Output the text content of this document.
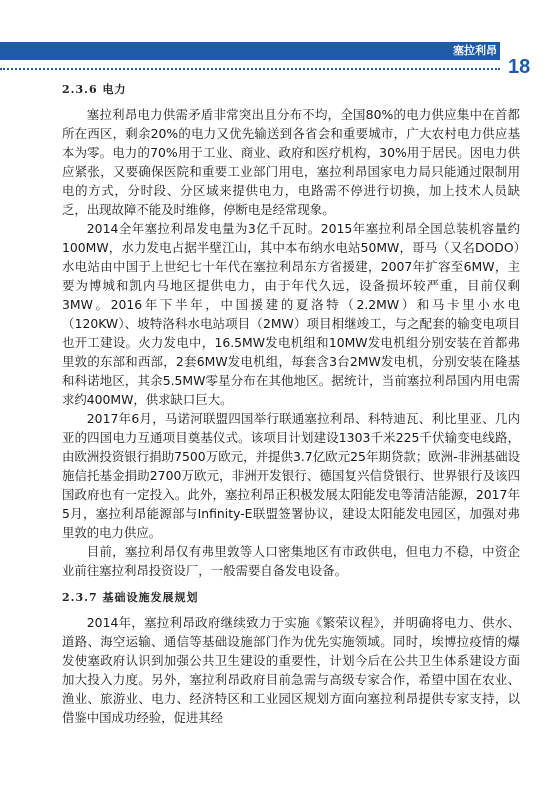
塞拉利昂
18
2.3.6 电力

塞拉利昂电力供需矛盾非常突出且分布不均，全国80%的电力供应集中在首都所在西区，剩余20%的电力又优先输送到各省会和重要城市，广大农村电力供应基本为零。电力的70%用于工业、商业、政府和医疗机构，30%用于居民。因电力供应紧张，又要确保医院和重要工业部门用电，塞拉利昂国家电力局只能通过限制用电的方式，分时段、分区域来提供电力，电路需不停进行切换，加上技术人员缺乏，出现故障不能及时维修，停断电是经常现象。

2014全年塞拉利昂发电量为3亿千瓦时。2015年塞拉利昂全国总装机容量约100MW，水力发电占据半壁江山，其中本布纳水电站50MW，哥马（又名DODO）水电站由中国于上世纪七十年代在塞拉利昂东方省援建，2007年扩容至6MW，主要为博城和凯内马地区提供电力，由于年代久远，设备损坏较严重，目前仅剩3MW。2016年下半年，中国援建的夏洛特（2.2MW）和马卡里小水电（120KW）、坡特洛科水电站项目（2MW）项目相继竣工，与之配套的输变电项目也开工建设。火力发电中，16.5MW发电机组和10MW发电机组分别安装在首都弗里敦的东部和西部，2套6MW发电机组，每套含3台2MW发电机，分别安装在隆基和科诺地区，其余5.5MW零星分布在其他地区。据统计，当前塞拉利昂国内用电需求约400MW，供求缺口巨大。

2017年6月，马诺河联盟四国举行联通塞拉利昂、科特迪瓦、利比里亚、几内亚的四国电力互通项目奠基仪式。该项目计划建设1303千米225千伏输变电线路，由欧洲投资银行捐助7500万欧元，并提供3.7亿欧元25年期贷款；欧洲-非洲基础设施信托基金捐助2700万欧元，非洲开发银行、德国复兴信贷银行、世界银行及该四国政府也有一定投入。此外，塞拉利昂正积极发展太阳能发电等清洁能源，2017年5月，塞拉利昂能源部与Infinity-E联盟签署协议，建设太阳能发电园区，加强对弗里敦的电力供应。

目前，塞拉利昂仅有弗里敦等人口密集地区有市政供电，但电力不稳，中资企业前往塞拉利昂投资设厂，一般需要自备发电设备。

2.3.7 基础设施发展规划

2014年，塞拉利昂政府继续致力于实施《繁荣议程》，并明确将电力、供水、道路、海空运输、通信等基础设施部门作为优先实施领域。同时，埃博拉疫情的爆发使塞政府认识到加强公共卫生建设的重要性，计划今后在公共卫生体系建设方面加大投入力度。另外，塞拉利昂政府目前急需与高级专家合作，希望中国在农业、渔业、旅游业、电力、经济特区和工业园区规划方面向塞拉利昂提供专家支持，以借鉴中国成功经验，促进其经
